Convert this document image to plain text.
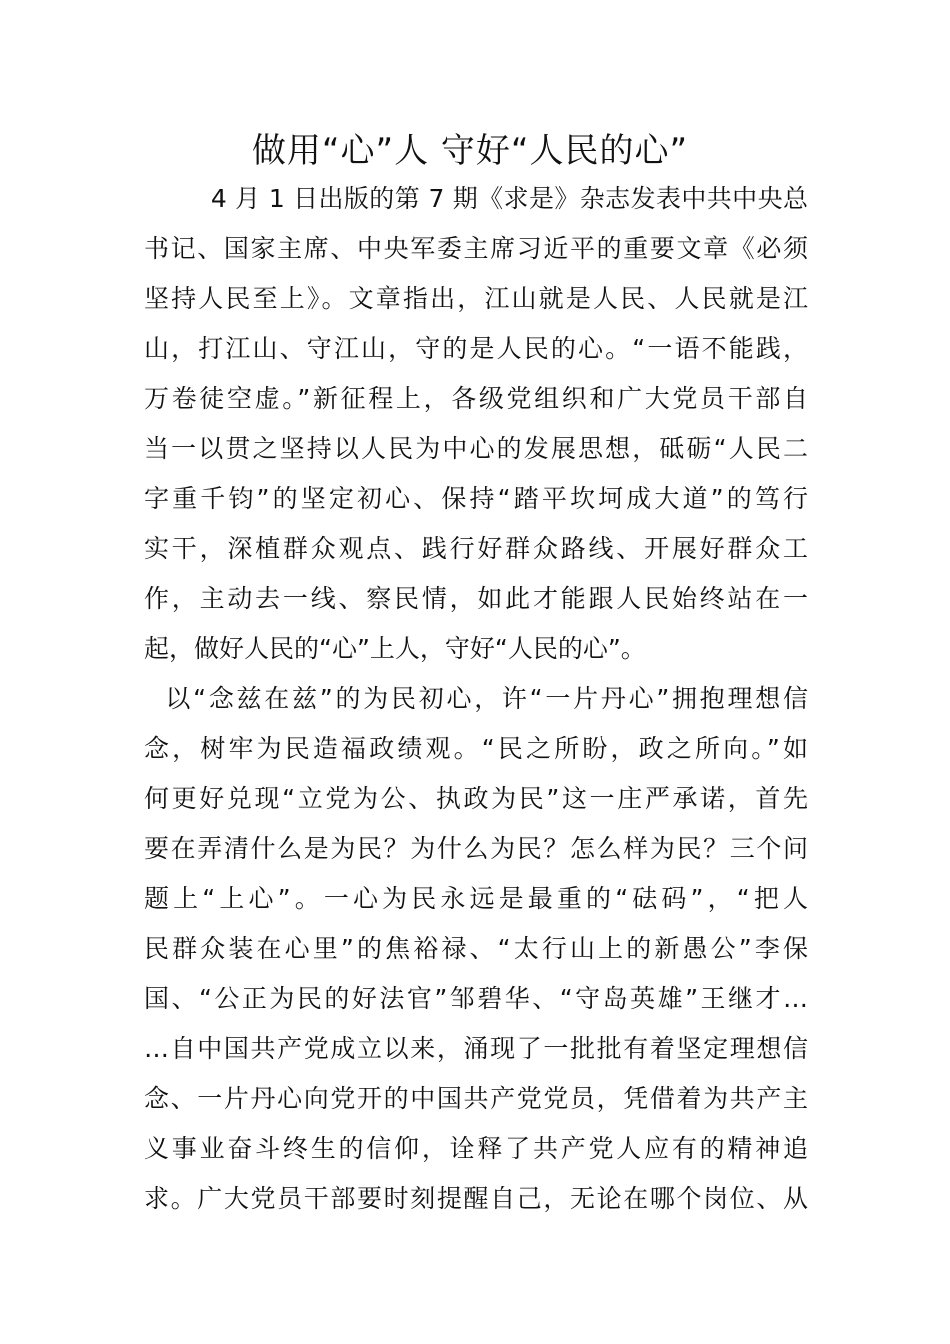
做用“心”人 守好“人民的心”
4 月 1 日出版的第 7 期《求是》杂志发表中共中央总
书记、国家主席、中央军委主席习近平的重要文章《必须
坚持人民至上》。文章指出，江山就是人民、人民就是江
山，打江山、守江山，守的是人民的心。“一语不能践，
万卷徒空虚。”新征程上，各级党组织和广大党员干部自
当一以贯之坚持以人民为中心的发展思想，砥砺“人民二
字重千钧”的坚定初心、保持“踏平坎坷成大道”的笃行
实干，深植群众观点、践行好群众路线、开展好群众工
作，主动去一线、察民情，如此才能跟人民始终站在一
起，做好人民的“心”上人，守好“人民的心”。
以“念兹在兹”的为民初心，许“一片丹心”拥抱理想信
念，树牢为民造福政绩观。“民之所盼，政之所向。”如
何更好兑现“立党为公、执政为民”这一庄严承诺，首先
要在弄清什么是为民？为什么为民？怎么样为民？三个问
题上“上心”。一心为民永远是最重的“砝码”，“把人
民群众装在心里”的焦裕禄、“太行山上的新愚公”李保
国、“公正为民的好法官”邹碧华、“守岛英雄”王继才…
…自中国共产党成立以来，涌现了一批批有着坚定理想信
念、一片丹心向党开的中国共产党党员，凭借着为共产主
义事业奋斗终生的信仰，诠释了共产党人应有的精神追
求。广大党员干部要时刻提醒自己，无论在哪个岗位、从
